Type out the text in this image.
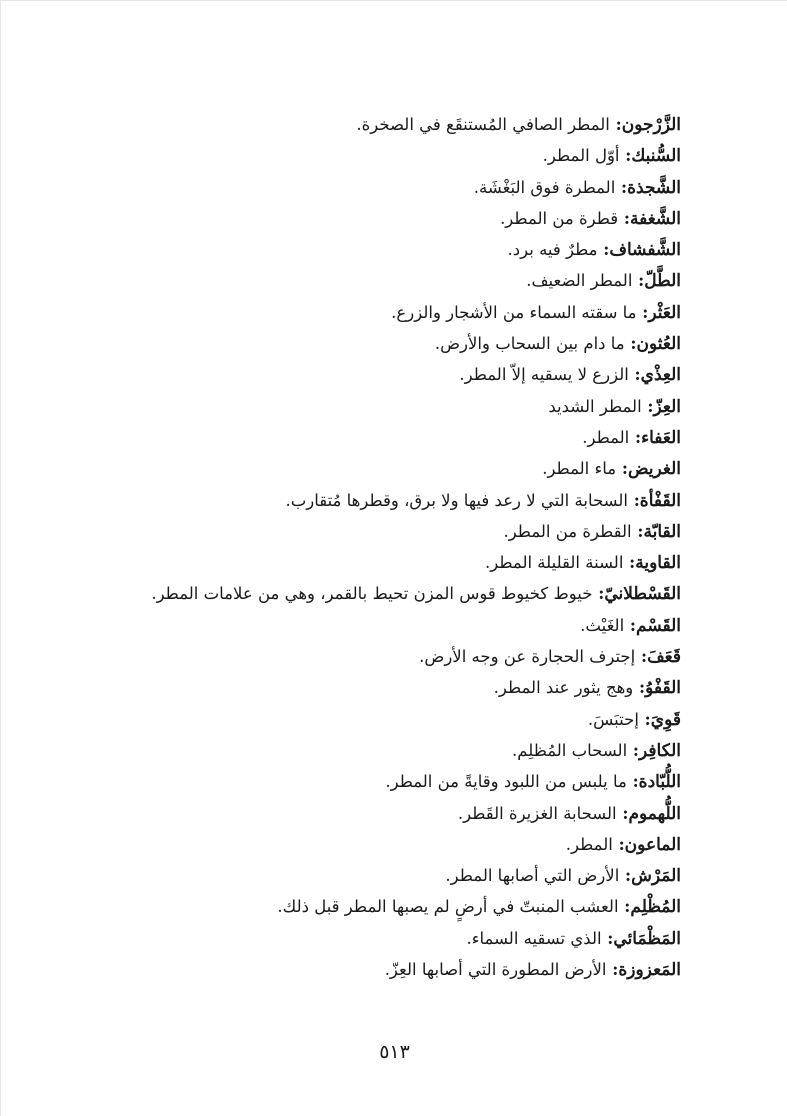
الزَّرْجون: المطر الصافي المُستنقَع في الصخرة.
السُّنبك: أوّل المطر.
الشَّجذة: المطرة فوق البَغْشَة.
الشَّغفة: قطرة من المطر.
الشَّفشاف: مطرٌ فيه برد.
الطَّلّ: المطر الضعيف.
العَثْر: ما سقته السماء من الأشجار والزرع.
العُثون: ما دام بين السحاب والأرض.
العِذْي: الزرع لا يسقيه إلاّ المطر.
العِزّ: المطر الشديد
العَفاء: المطر.
الغريض: ماء المطر.
القَفْأة: السحابة التي لا رعد فيها ولا برق، وقطرها مُتقارب.
القابّة: القطرة من المطر.
القاوية: السنة القليلة المطر.
القَسْطلانيّ: خيوط كخيوط قوس المزن تحيط بالقمر، وهي من علامات المطر.
القَسْم: الغَيْث.
قَعَفَ: إجترف الحجارة عن وجه الأرض.
القَفْوُ: وهج يثور عند المطر.
قَوِيَ: إحتبَسَ.
الكافِر: السحاب المُظلِم.
اللُّبّادة: ما يلبس من اللبود وقايةً من المطر.
اللُّهموم: السحابة الغزيرة القَطر.
الماعون: المطر.
المَرْش: الأرض التي أصابها المطر.
المُظْلِم: العشب المنبتّ في أرضٍ لم يصبها المطر قبل ذلك.
المَظْمَائي: الذي تسقيه السماء.
المَعزوزة: الأرض المطورة التي أصابها العِزّ.
٥١٣
